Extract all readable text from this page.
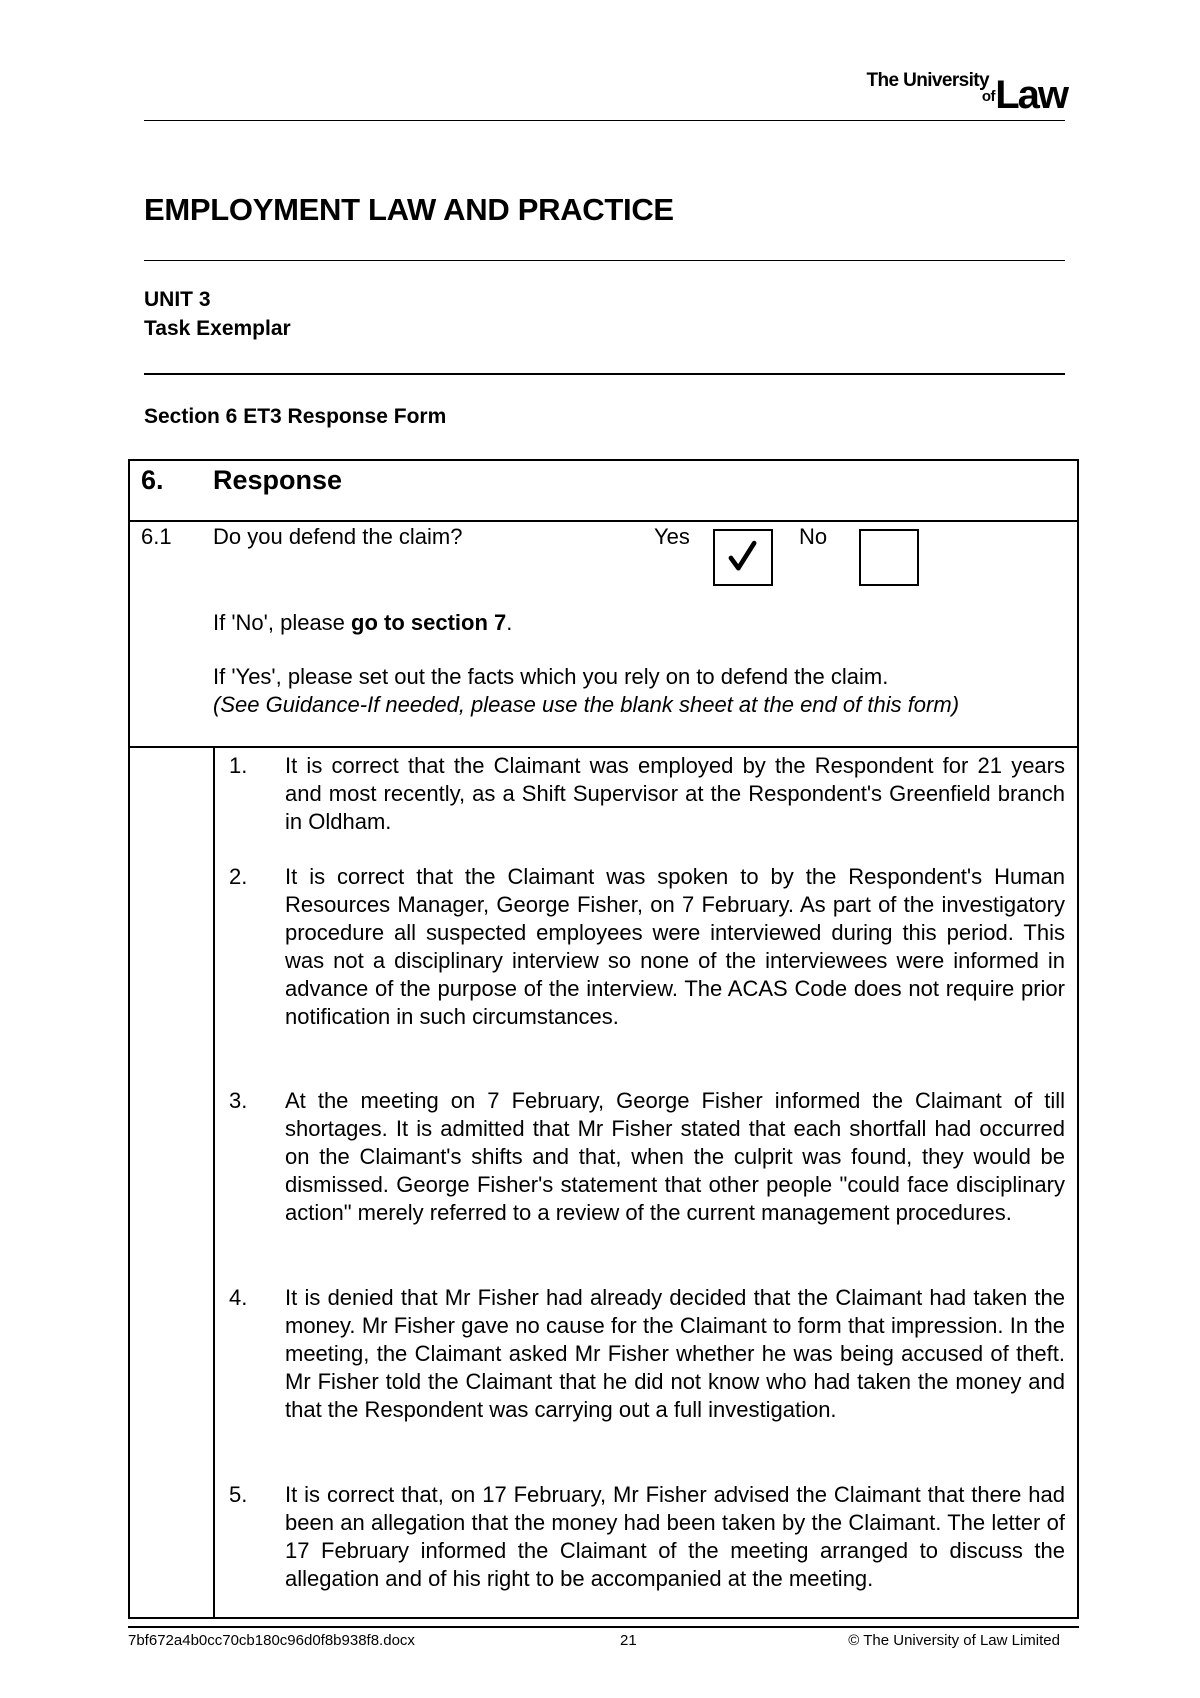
The University
of Law
EMPLOYMENT LAW AND PRACTICE
UNIT 3
Task Exemplar
Section 6 ET3 Response Form
6. Response
6.1 Do you defend the claim?	Yes	No
If 'No', please go to section 7.
If 'Yes', please set out the facts which you rely on to defend the claim.
(See Guidance-If needed, please use the blank sheet at the end of this form)
1. It is correct that the Claimant was employed by the Respondent for 21 years and most recently, as a Shift Supervisor at the Respondent's Greenfield branch in Oldham.
2. It is correct that the Claimant was spoken to by the Respondent's Human Resources Manager, George Fisher, on 7 February. As part of the investigatory procedure all suspected employees were interviewed during this period. This was not a disciplinary interview so none of the interviewees were informed in advance of the purpose of the interview. The ACAS Code does not require prior notification in such circumstances.
3. At the meeting on 7 February, George Fisher informed the Claimant of till shortages. It is admitted that Mr Fisher stated that each shortfall had occurred on the Claimant's shifts and that, when the culprit was found, they would be dismissed. George Fisher's statement that other people "could face disciplinary action" merely referred to a review of the current management procedures.
4. It is denied that Mr Fisher had already decided that the Claimant had taken the money. Mr Fisher gave no cause for the Claimant to form that impression. In the meeting, the Claimant asked Mr Fisher whether he was being accused of theft. Mr Fisher told the Claimant that he did not know who had taken the money and that the Respondent was carrying out a full investigation.
5. It is correct that, on 17 February, Mr Fisher advised the Claimant that there had been an allegation that the money had been taken by the Claimant. The letter of 17 February informed the Claimant of the meeting arranged to discuss the allegation and of his right to be accompanied at the meeting.
7bf672a4b0cc70cb180c96d0f8b938f8.docx	21	© The University of Law Limited
